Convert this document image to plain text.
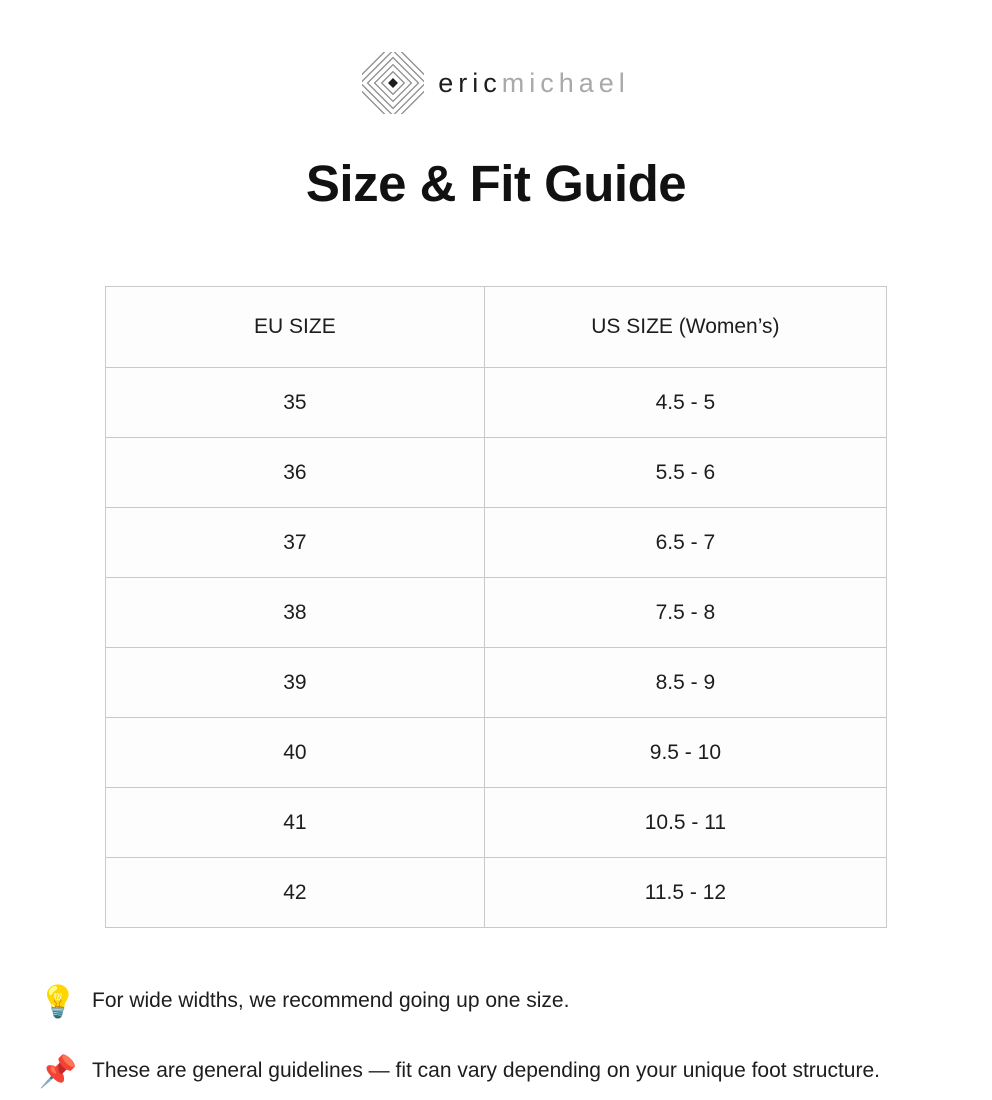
ericmichael
Size & Fit Guide
EU SIZE	US SIZE (Women’s)
35	4.5 - 5
36	5.5 - 6
37	6.5 - 7
38	7.5 - 8
39	8.5 - 9
40	9.5 - 10
41	10.5 - 11
42	11.5 - 12
💡 For wide widths, we recommend going up one size.
📌 These are general guidelines — fit can vary depending on your unique foot structure.
